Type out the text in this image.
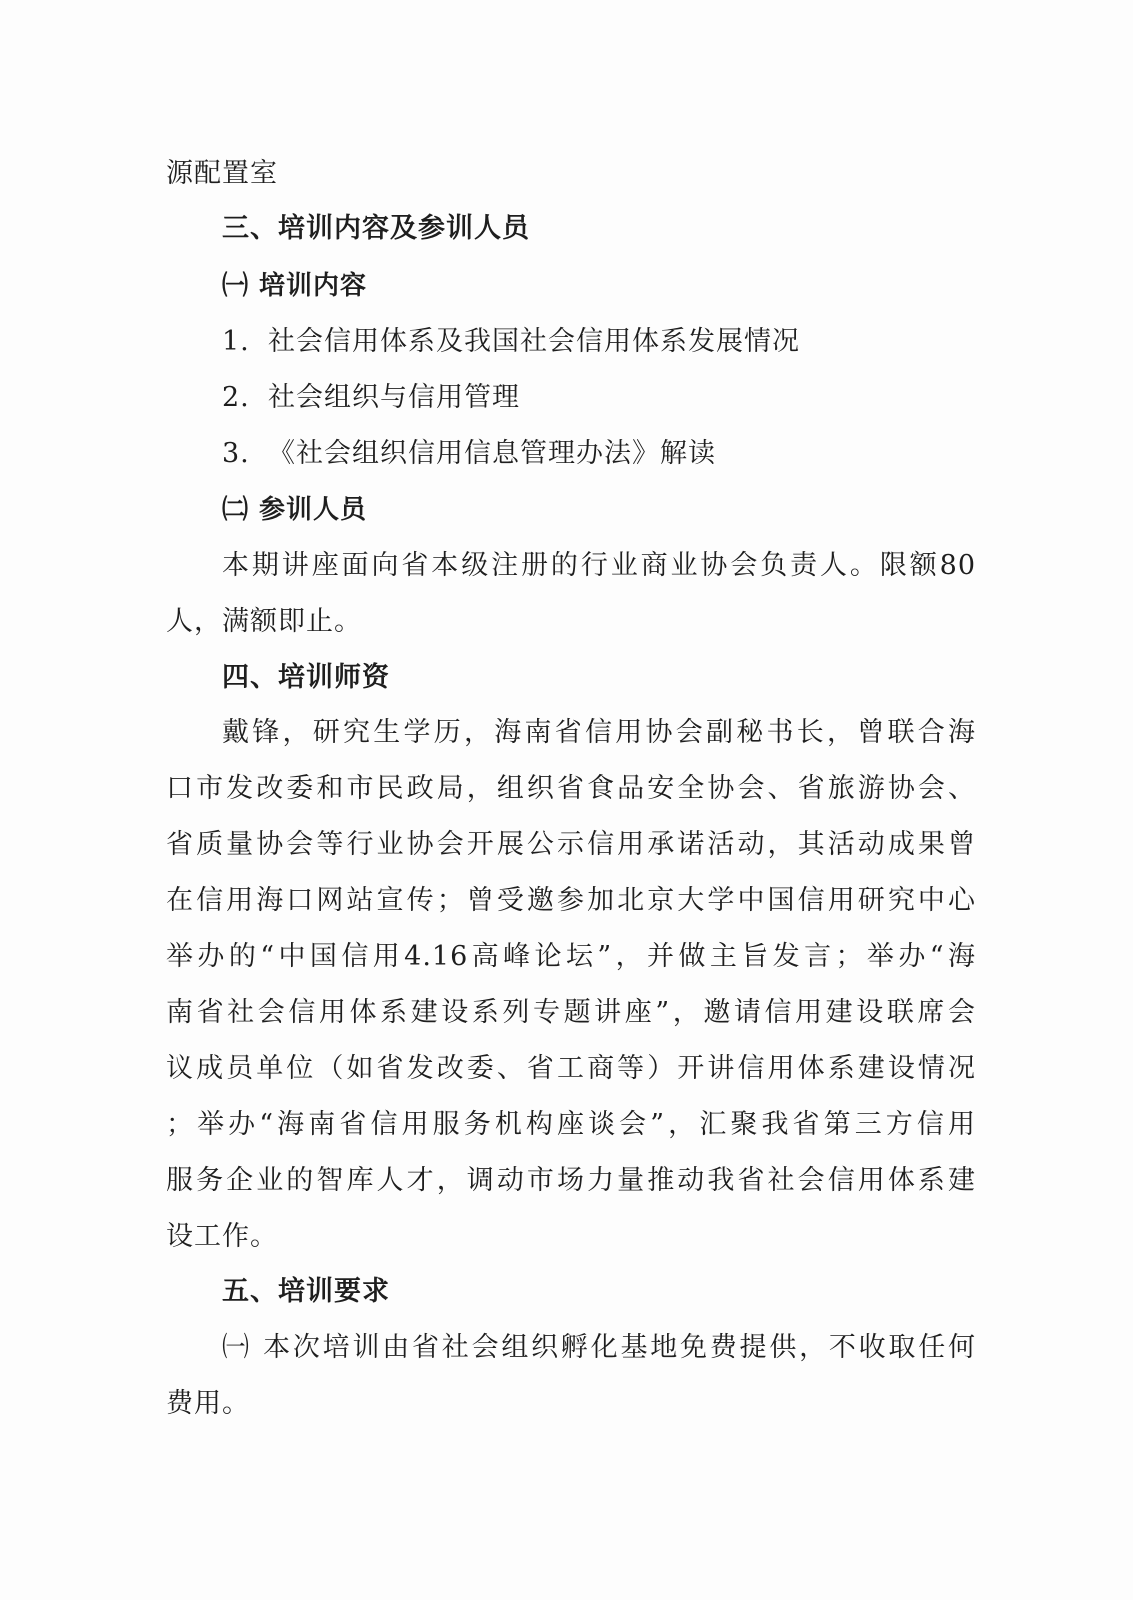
源配置室
三、培训内容及参训人员
㈠ 培训内容
1. 社会信用体系及我国社会信用体系发展情况
2. 社会组织与信用管理
3. 《社会组织信用信息管理办法》解读
㈡ 参训人员
本期讲座面向省本级注册的行业商业协会负责人。限额80
人，满额即止。
四、培训师资
戴锋，研究生学历，海南省信用协会副秘书长，曾联合海
口市发改委和市民政局，组织省食品安全协会、省旅游协会、
省质量协会等行业协会开展公示信用承诺活动，其活动成果曾
在信用海口网站宣传；曾受邀参加北京大学中国信用研究中心
举办的“中国信用4.16高峰论坛”，并做主旨发言；举办“海
南省社会信用体系建设系列专题讲座”，邀请信用建设联席会
议成员单位（如省发改委、省工商等）开讲信用体系建设情况
；举办“海南省信用服务机构座谈会”，汇聚我省第三方信用
服务企业的智库人才，调动市场力量推动我省社会信用体系建
设工作。
五、培训要求
㈠ 本次培训由省社会组织孵化基地免费提供，不收取任何
费用。
